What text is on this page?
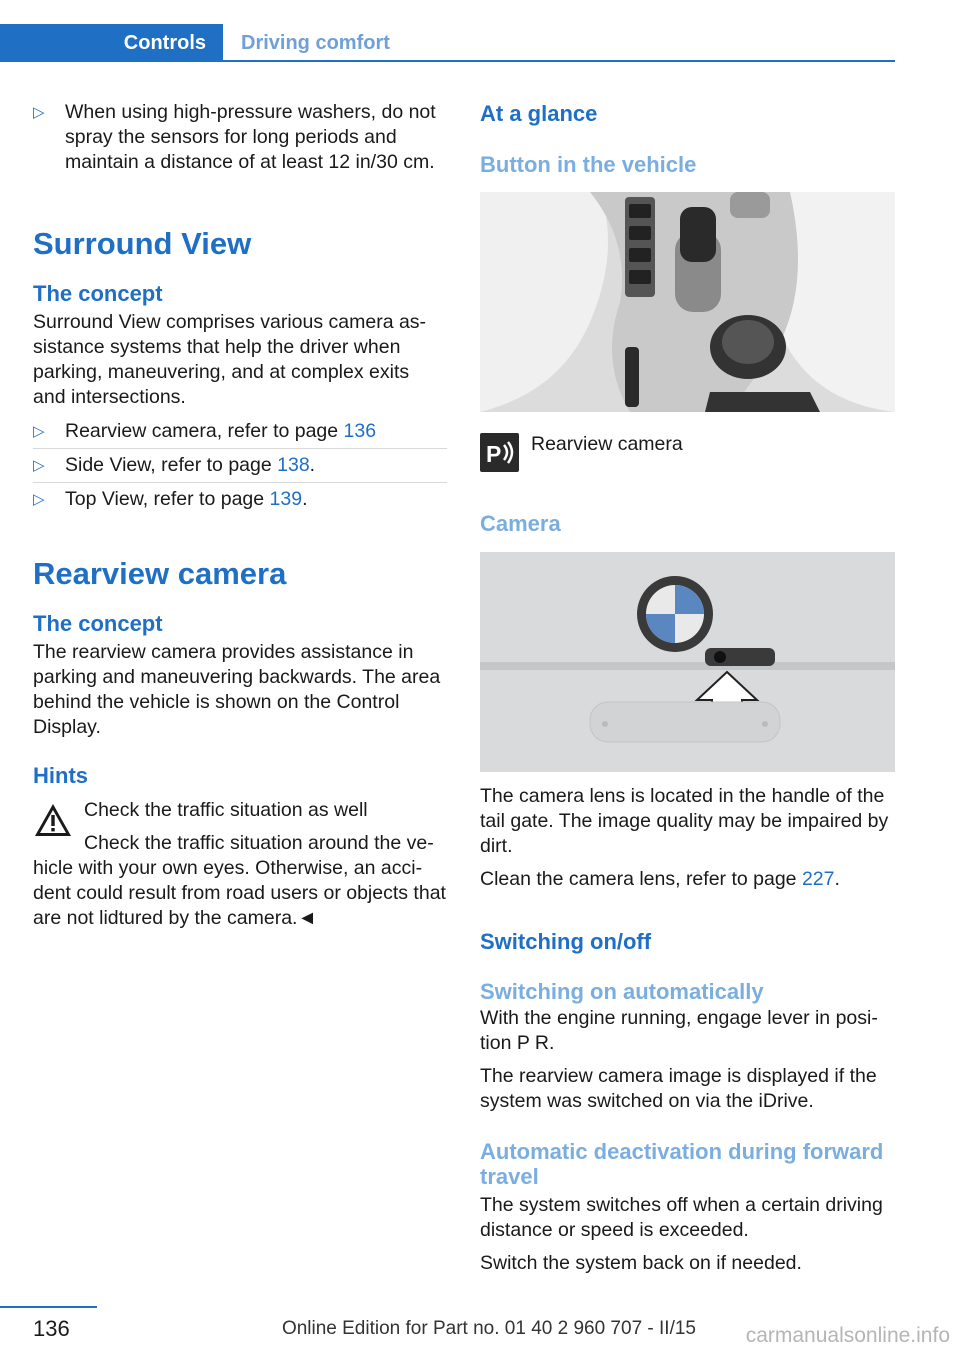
Controls	Driving comfort
▷	When using high-pressure washers, do not spray the sensors for long periods and maintain a distance of at least 12 in/30 cm.
Surround View
The concept
Surround View comprises various camera as-sistance systems that help the driver when parking, maneuvering, and at complex exits and intersections.
▷	Rearview camera, refer to page 136
▷	Side View, refer to page 138.
▷	Top View, refer to page 139.
Rearview camera
The concept
The rearview camera provides assistance in parking and maneuvering backwards. The area behind the vehicle is shown on the Control Display.
Hints
Check the traffic situation as well
Check the traffic situation around the ve-
hicle with your own eyes. Otherwise, an acci-dent could result from road users or objects that are not lidtured by the camera.◄
At a glance
Button in the vehicle
P Rearview camera
Camera
The camera lens is located in the handle of the tail gate. The image quality may be impaired by dirt.
Clean the camera lens, refer to page 227.
Switching on/off
Switching on automatically
With the engine running, engage lever in posi-tion P R.
The rearview camera image is displayed if the system was switched on via the iDrive.
Automatic deactivation during forward travel
The system switches off when a certain driving distance or speed is exceeded.
Switch the system back on if needed.
136	Online Edition for Part no. 01 40 2 960 707 - II/15 carmanualsonline.info
